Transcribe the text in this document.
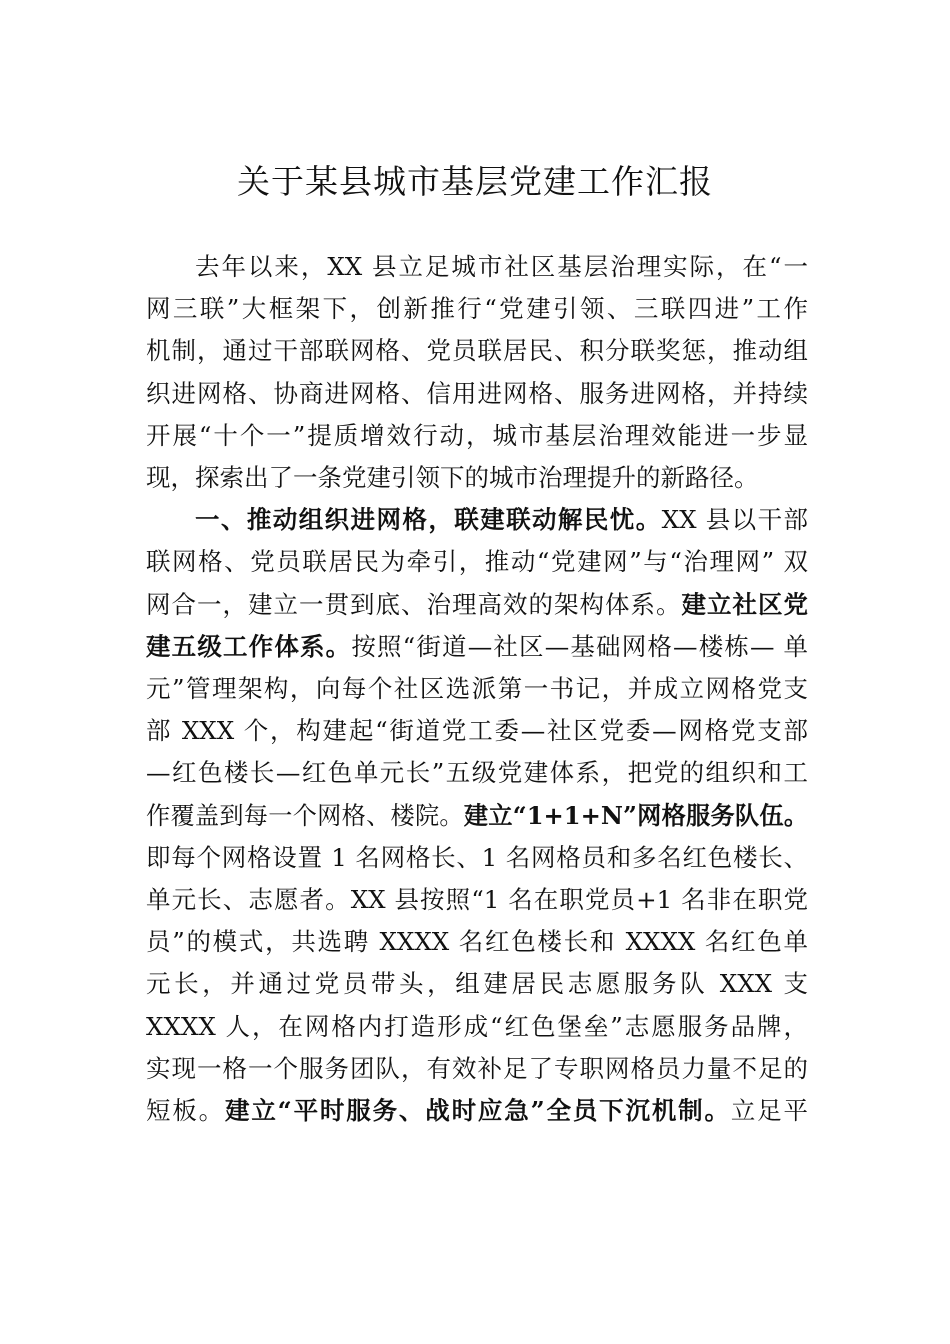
关于某县城市基层党建工作汇报
去年以来，XX 县立足城市社区基层治理实际，在“一
网三联”大框架下，创新推行“党建引领、三联四进”工作
机制，通过干部联网格、党员联居民、积分联奖惩，推动组
织进网格、协商进网格、信用进网格、服务进网格，并持续
开展“十个一”提质增效行动，城市基层治理效能进一步显
现，探索出了一条党建引领下的城市治理提升的新路径。
一、推动组织进网格，联建联动解民忧。XX 县以干部
联网格、党员联居民为牵引，推动“党建网”与“治理网” 双
网合一，建立一贯到底、治理高效的架构体系。建立社区党
建五级工作体系。按照“街道—社区—基础网格—楼栋— 单
元”管理架构，向每个社区选派第一书记，并成立网格党支
部 XXX 个，构建起“街道党工委—社区党委—网格党支部
—红色楼长—红色单元长”五级党建体系，把党的组织和工
作覆盖到每一个网格、楼院。建立“1+1+N”网格服务队伍。
即每个网格设置 1 名网格长、1 名网格员和多名红色楼长、
单元长、志愿者。XX 县按照“1 名在职党员+1 名非在职党
员”的模式，共选聘 XXXX 名红色楼长和 XXXX 名红色单
元长，并通过党员带头，组建居民志愿服务队 XXX 支
XXXX 人，在网格内打造形成“红色堡垒”志愿服务品牌，
实现一格一个服务团队，有效补足了专职网格员力量不足的
短板。建立“平时服务、战时应急”全员下沉机制。立足平
